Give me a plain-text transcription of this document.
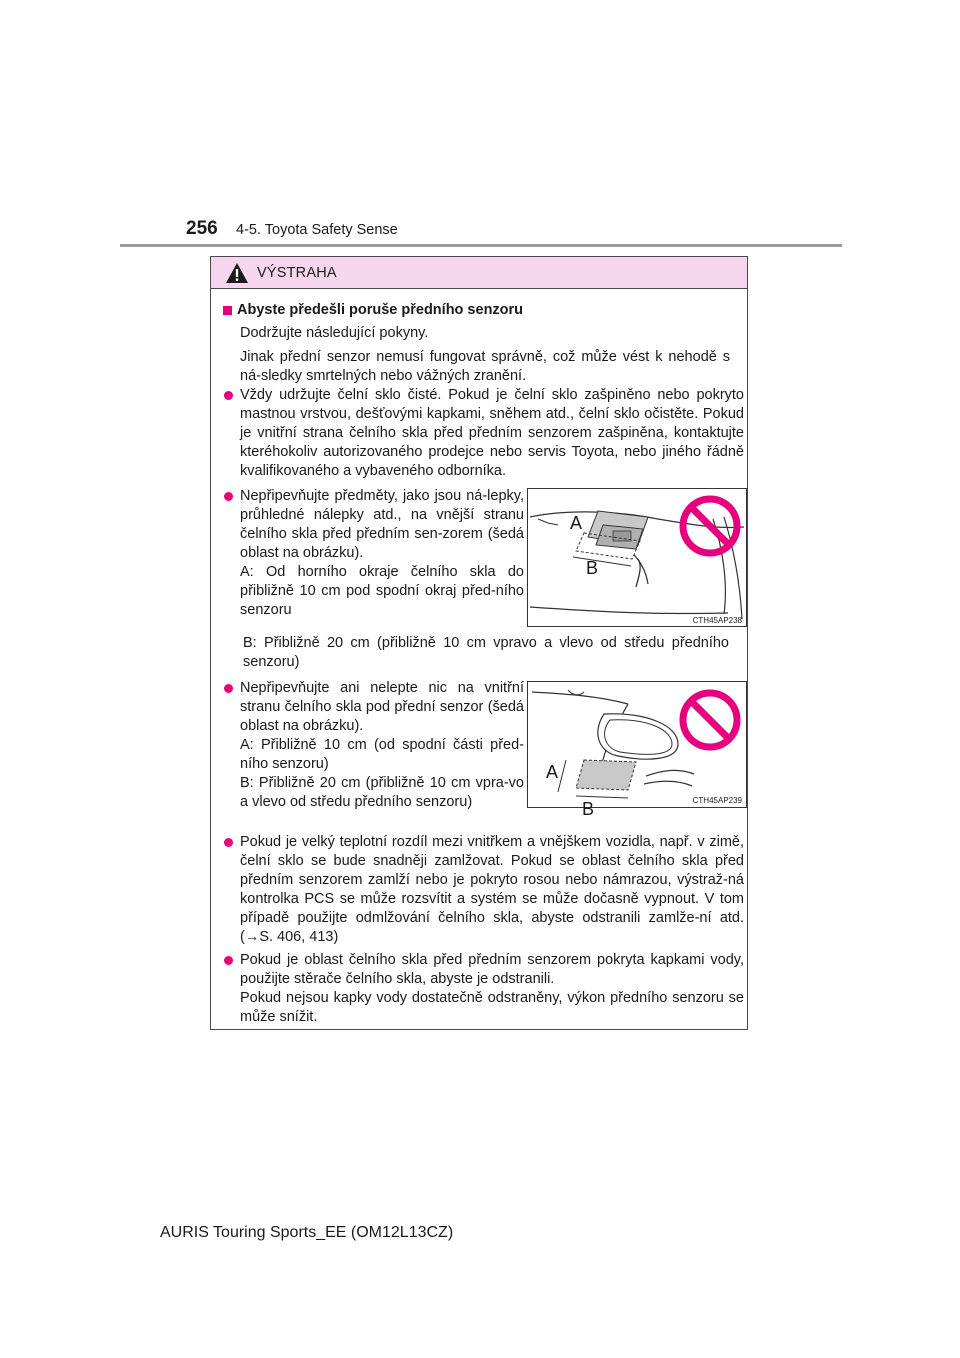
256 4-5. Toyota Safety Sense
VÝSTRAHA
Abyste předešli poruše předního senzoru
Dodržujte následující pokyny.
Jinak přední senzor nemusí fungovat správně, což může vést k nehodě s ná-sledky smrtelných nebo vážných zranění.
Vždy udržujte čelní sklo čisté. Pokud je čelní sklo zašpiněno nebo pokryto mastnou vrstvou, dešťovými kapkami, sněhem atd., čelní sklo očistěte. Pokud je vnitřní strana čelního skla před předním senzorem zašpiněna, kontaktujte kteréhokoliv autorizovaného prodejce nebo servis Toyota, nebo jiného řádně kvalifikovaného a vybaveného odborníka.
Nepřipevňujte předměty, jako jsou ná-lepky, průhledné nálepky atd., na vnější stranu čelního skla před předním sen-zorem (šedá oblast na obrázku).
A: Od horního okraje čelního skla do přibližně 10 cm pod spodní okraj před-ního senzoru
A
B
CTH45AP238
B: Přibližně 20 cm (přibližně 10 cm vpravo a vlevo od středu předního senzoru)
Nepřipevňujte ani nelepte nic na vnitřní stranu čelního skla pod přední senzor (šedá oblast na obrázku).
A: Přibližně 10 cm (od spodní části před-ního senzoru)
B: Přibližně 20 cm (přibližně 10 cm vpra-vo a vlevo od středu předního senzoru)
A
B	CTH45AP239
Pokud je velký teplotní rozdíl mezi vnitřkem a vnějškem vozidla, např. v zimě, čelní sklo se bude snadněji zamlžovat. Pokud se oblast čelního skla před předním senzorem zamlží nebo je pokryto rosou nebo námrazou, výstraž-ná kontrolka PCS se může rozsvítit a systém se může dočasně vypnout. V tom případě použijte odmlžování čelního skla, abyste odstranili zamlže-ní atd. (→S. 406, 413)
Pokud je oblast čelního skla před předním senzorem pokryta kapkami vody, použijte stěrače čelního skla, abyste je odstranili.
Pokud nejsou kapky vody dostatečně odstraněny, výkon předního senzoru se může snížit.
AURIS Touring Sports_EE (OM12L13CZ)
